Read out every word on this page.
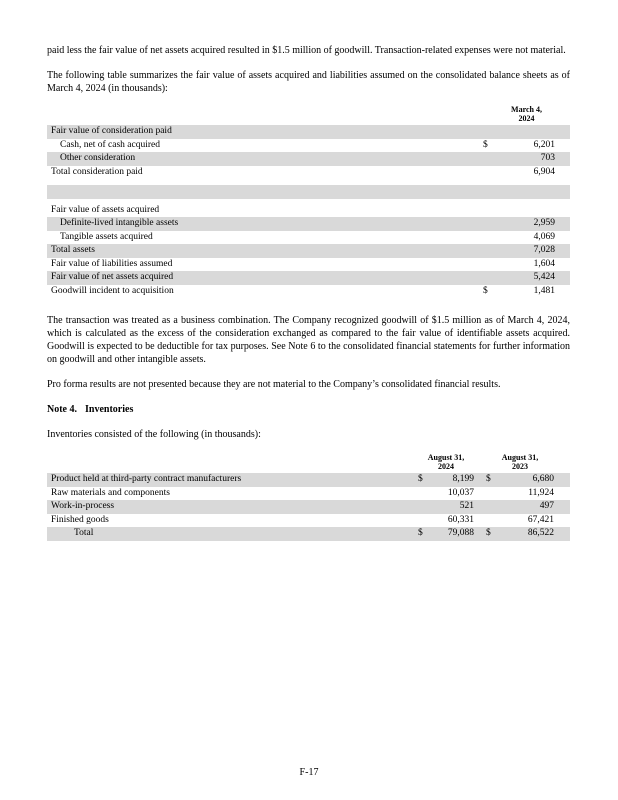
paid less the fair value of net assets acquired resulted in $1.5 million of goodwill. Transaction-related expenses were not material.

The following table summarizes the fair value of assets acquired and liabilities assumed on the consolidated balance sheets as of March 4, 2024 (in thousands):

March 4,
2024
Fair value of consideration paid
Cash, net of cash acquired	$	6,201
Other consideration	703
Total consideration paid	6,904
Fair value of assets acquired
Definite-lived intangible assets	2,959
Tangible assets acquired	4,069
Total assets	7,028
Fair value of liabilities assumed	1,604
Fair value of net assets acquired	5,424
Goodwill incident to acquisition	$	1,481

The transaction was treated as a business combination. The Company recognized goodwill of $1.5 million as of March 4, 2024, which is calculated as the excess of the consideration exchanged as compared to the fair value of identifiable assets acquired. Goodwill is expected to be deductible for tax purposes. See Note 6 to the consolidated financial statements for further information on goodwill and other intangible assets.

Pro forma results are not presented because they are not material to the Company’s consolidated financial results.

Note 4. Inventories

Inventories consisted of the following (in thousands):

August 31,
2024
August 31,
2023
Product held at third-party contract manufacturers	$	8,199 $	6,680
Raw materials and components	10,037	11,924
Work-in-process	521	497
Finished goods	60,331	67,421
Total	$	79,088 $	86,522
F-17
